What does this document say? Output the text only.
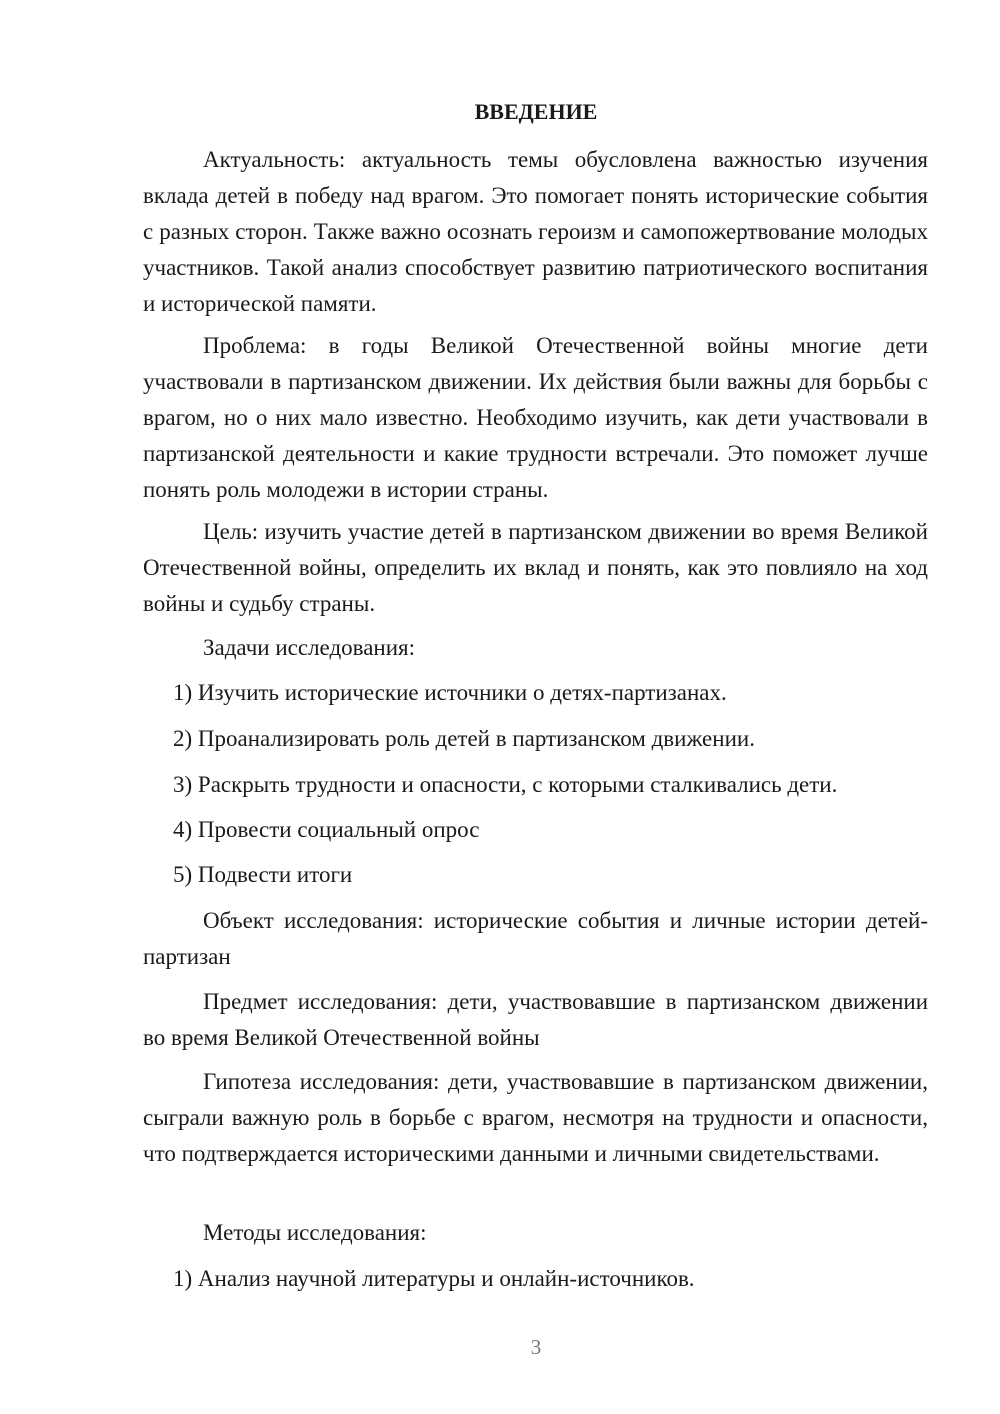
ВВЕДЕНИЕ

Актуальность: актуальность темы обусловлена важностью изучения вклада детей в победу над врагом. Это помогает понять исторические события с разных сторон. Также важно осознать героизм и самопожертвование молодых участников. Такой анализ способствует развитию патриотического воспитания и исторической памяти.

Проблема: в годы Великой Отечественной войны многие дети участвовали в партизанском движении. Их действия были важны для борьбы с врагом, но о них мало известно. Необходимо изучить, как дети участвовали в партизанской деятельности и какие трудности встречали. Это поможет лучше понять роль молодежи в истории страны.

Цель: изучить участие детей в партизанском движении во время Великой Отечественной войны, определить их вклад и понять, как это повлияло на ход войны и судьбу страны.

Задачи исследования:

1) Изучить исторические источники о детях-партизанах.

2) Проанализировать роль детей в партизанском движении.

3) Раскрыть трудности и опасности, с которыми сталкивались дети.

4) Провести социальный опрос

5) Подвести итоги

Объект исследования: исторические события и личные истории детей-партизан

Предмет исследования: дети, участвовавшие в партизанском движении во время Великой Отечественной войны

Гипотеза исследования: дети, участвовавшие в партизанском движении, сыграли важную роль в борьбе с врагом, несмотря на трудности и опасности, что подтверждается историческими данными и личными свидетельствами.

Методы исследования:

1) Анализ научной литературы и онлайн-источников.

3
